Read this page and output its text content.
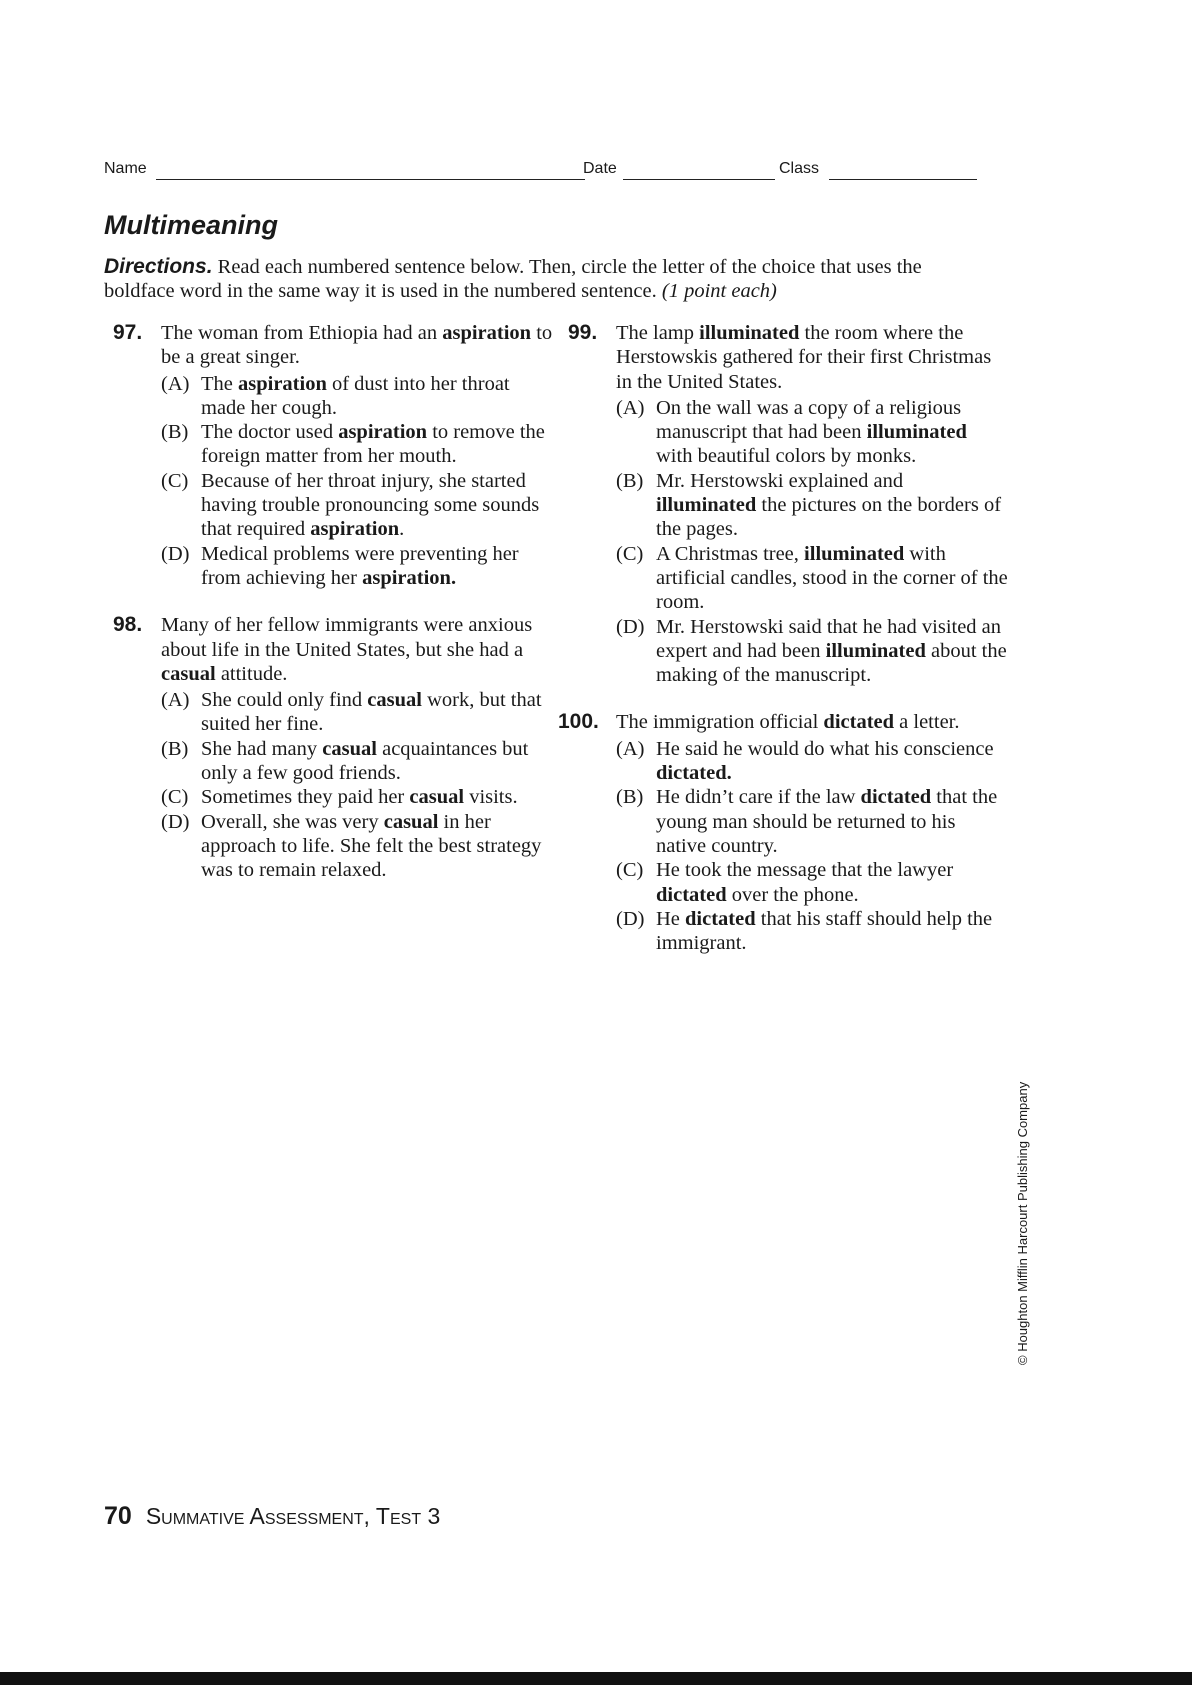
Name	Date	Class
Multimeaning

Directions. Read each numbered sentence below. Then, circle the letter of the choice that uses the boldface word in the same way it is used in the numbered sentence. (1 point each)

97. The woman from Ethiopia had an aspiration to be a great singer.
(A) The aspiration of dust into her throat made her cough.
(B) The doctor used aspiration to remove the foreign matter from her mouth.
(C) Because of her throat injury, she started having trouble pronouncing some sounds that required aspiration.
(D) Medical problems were preventing her from achieving her aspiration.
98. Many of her fellow immigrants were anxious about life in the United States, but she had a casual attitude.
(A) She could only find casual work, but that suited her fine.
(B) She had many casual acquaintances but only a few good friends.
(C) Sometimes they paid her casual visits.
(D) Overall, she was very casual in her approach to life. She felt the best strategy was to remain relaxed.
99. The lamp illuminated the room where the Herstowskis gathered for their first Christmas in the United States.
(A) On the wall was a copy of a religious manuscript that had been illuminated with beautiful colors by monks.
(B) Mr. Herstowski explained and illuminated the pictures on the borders of the pages.
(C) A Christmas tree, illuminated with artificial candles, stood in the corner of the room.
(D) Mr. Herstowski said that he had visited an expert and had been illuminated about the making of the manuscript.
100. The immigration official dictated a letter.
(A) He said he would do what his conscience dictated.
(B) He didn’t care if the law dictated that the young man should be returned to his native country.
(C) He took the message that the lawyer dictated over the phone.
(D) He dictated that his staff should help the immigrant.
© Houghton Mifflin Harcourt Publishing Company
70 Summative Assessment, Test 3
